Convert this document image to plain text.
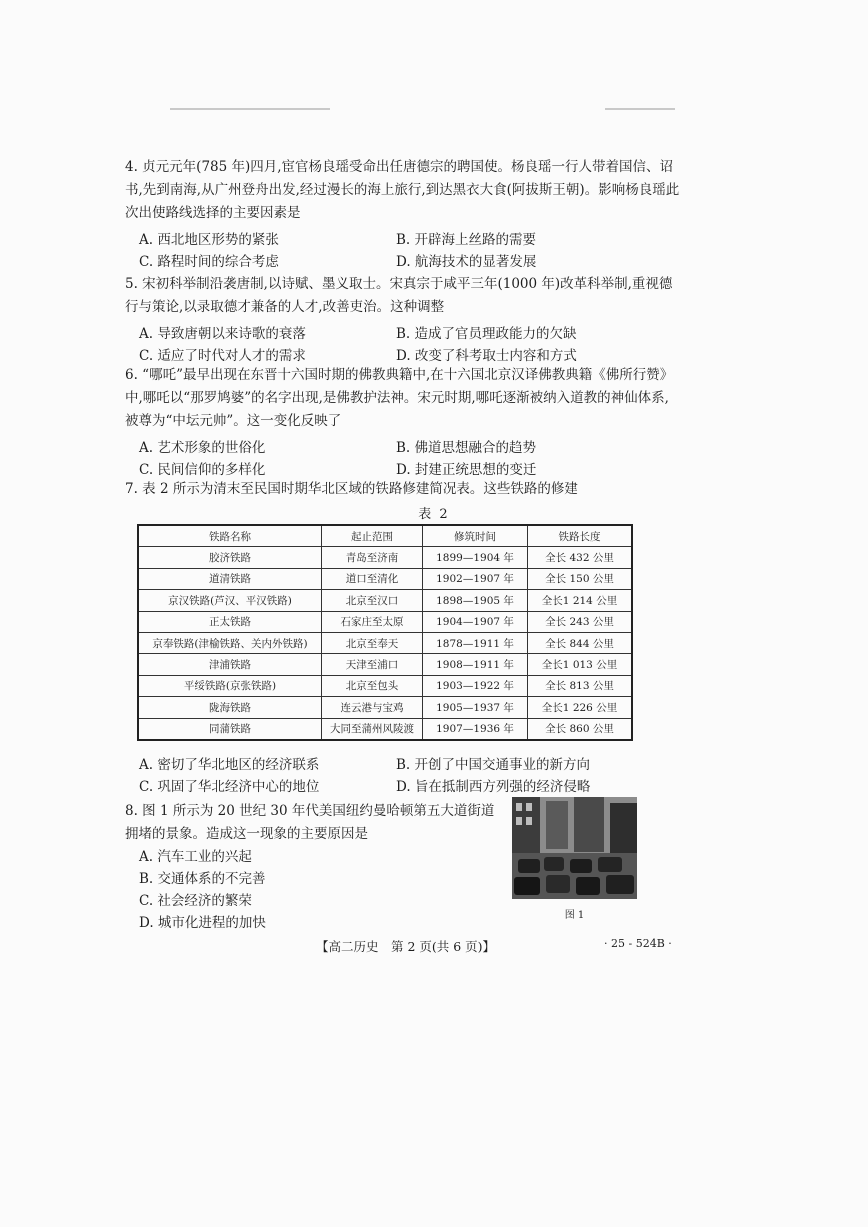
4. 贞元元年(785 年)四月,宦官杨良瑶受命出任唐德宗的聘国使。杨良瑶一行人带着国信、诏书,先到南海,从广州登舟出发,经过漫长的海上旅行,到达黑衣大食(阿拔斯王朝)。影响杨良瑶此次出使路线选择的主要因素是

A. 西北地区形势的紧张	B. 开辟海上丝路的需要
C. 路程时间的综合考虑	D. 航海技术的显著发展

5. 宋初科举制沿袭唐制,以诗赋、墨义取士。宋真宗于咸平三年(1000 年)改革科举制,重视德行与策论,以录取德才兼备的人才,改善吏治。这种调整

A. 导致唐朝以来诗歌的衰落	B. 造成了官员理政能力的欠缺
C. 适应了时代对人才的需求	D. 改变了科考取士内容和方式

6. “哪吒”最早出现在东晋十六国时期的佛教典籍中,在十六国北京汉译佛教典籍《佛所行赞》中,哪吒以“那罗鸠婆”的名字出现,是佛教护法神。宋元时期,哪吒逐渐被纳入道教的神仙体系,被尊为“中坛元帅”。这一变化反映了

A. 艺术形象的世俗化	B. 佛道思想融合的趋势
C. 民间信仰的多样化	D. 封建正统思想的变迁

7. 表 2 所示为清末至民国时期华北区域的铁路修建简况表。这些铁路的修建

表 2
铁路名称	起止范围	修筑时间	铁路长度
胶济铁路	青岛至济南	1899—1904 年	全长 432 公里
道清铁路	道口至清化	1902—1907 年	全长 150 公里
京汉铁路(芦汉、平汉铁路)	北京至汉口	1898—1905 年	全长1 214 公里
正太铁路	石家庄至太原	1904—1907 年	全长 243 公里
京奉铁路(津榆铁路、关内外铁路)	北京至奉天	1878—1911 年	全长 844 公里
津浦铁路	天津至浦口	1908—1911 年	全长1 013 公里
平绥铁路(京张铁路)	北京至包头	1903—1922 年	全长 813 公里
陇海铁路	连云港与宝鸡	1905—1937 年	全长1 226 公里
同蒲铁路	大同至蒲州风陵渡	1907—1936 年	全长 860 公里
A. 密切了华北地区的经济联系	B. 开创了中国交通事业的新方向
C. 巩固了华北经济中心的地位	D. 旨在抵制西方列强的经济侵略

8. 图 1 所示为 20 世纪 30 年代美国纽约曼哈顿第五大道街道拥堵的景象。造成这一现象的主要原因是

A. 汽车工业的兴起
B. 交通体系的不完善
C. 社会经济的繁荣
D. 城市化进程的加快	图 1
【高二历史　第 2 页(共 6 页)】	· 25 - 524B ·
